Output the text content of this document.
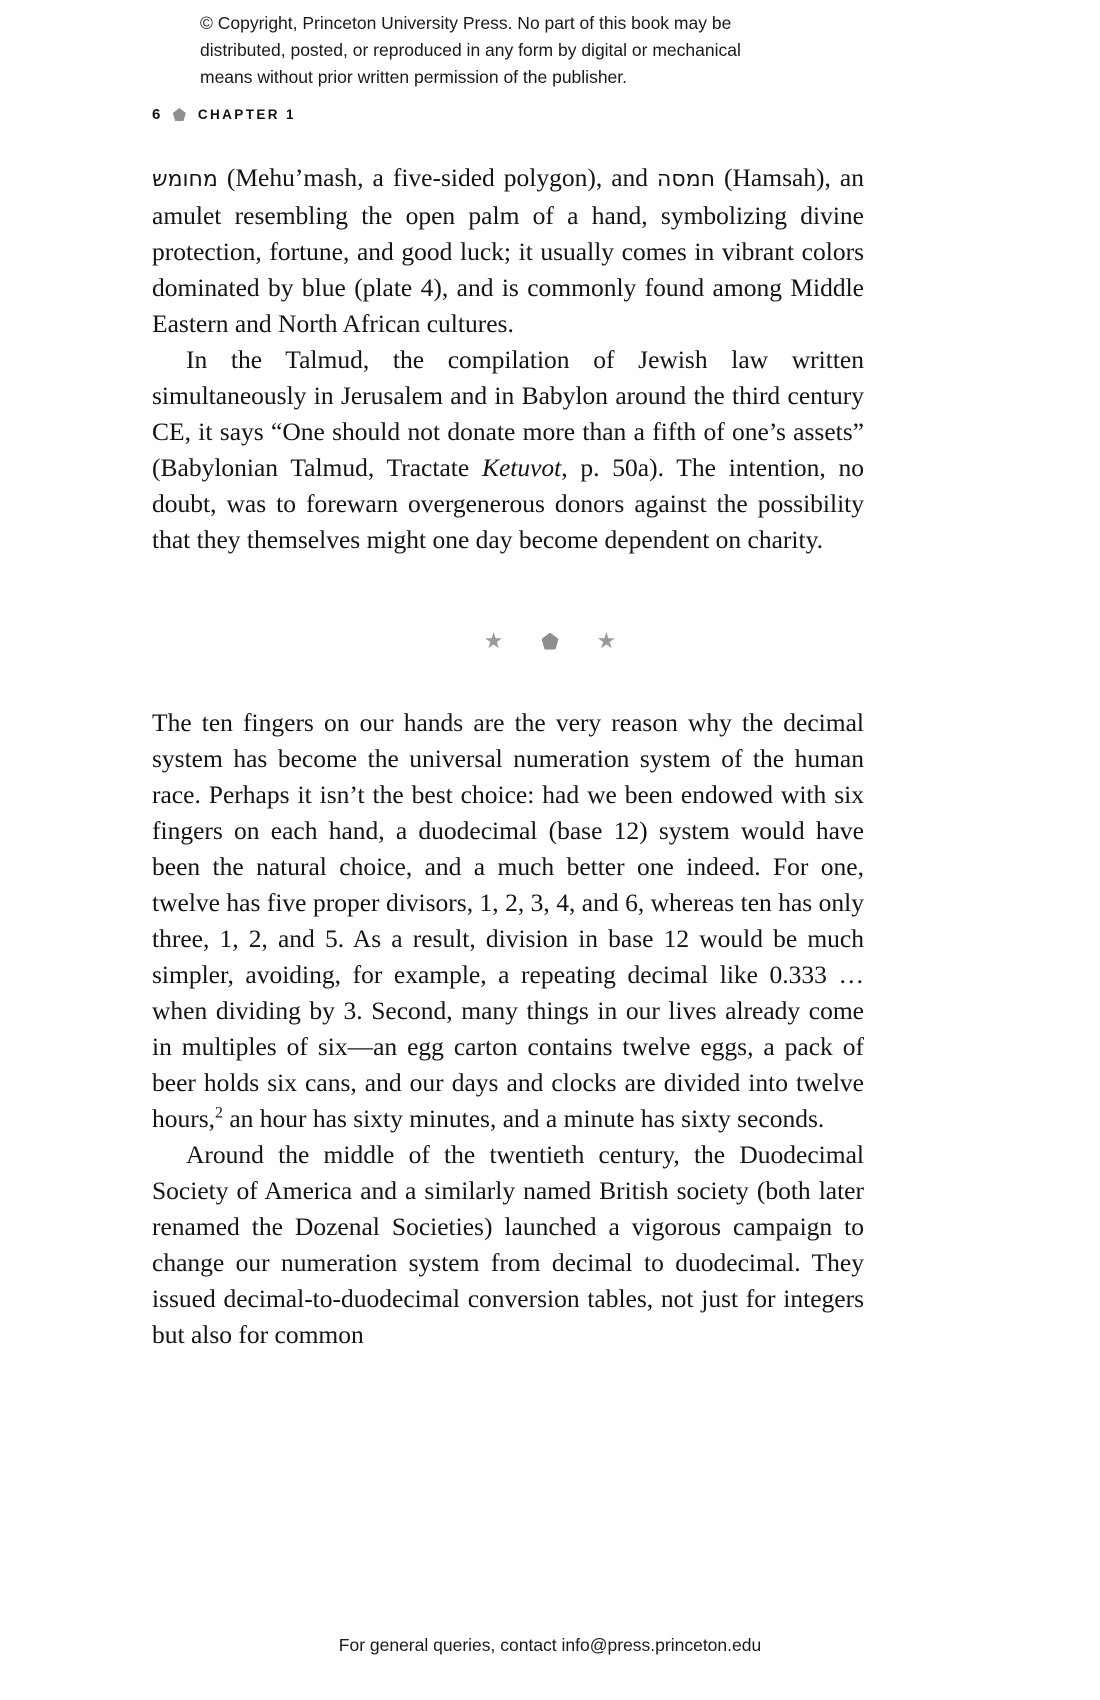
© Copyright, Princeton University Press. No part of this book may be
distributed, posted, or reproduced in any form by digital or mechanical
means without prior written permission of the publisher.
6	CHAPTER 1

מחומש (Mehu’mash, a five-sided polygon), and חמסה (Hamsah), an amulet resembling the open palm of a hand, symbolizing divine protection, fortune, and good luck; it usually comes in vibrant colors dominated by blue (plate 4), and is commonly found among Middle Eastern and North African cultures.

In the Talmud, the compilation of Jewish law written simultaneously in Jerusalem and in Babylon around the third century CE, it says “One should not donate more than a fifth of one’s assets” (Babylonian Talmud, Tractate Ketuvot, p. 50a). The intention, no doubt, was to forewarn overgenerous donors against the possibility that they themselves might one day become dependent on charity.

★	★

The ten fingers on our hands are the very reason why the decimal system has become the universal numeration system of the human race. Perhaps it isn’t the best choice: had we been endowed with six fingers on each hand, a duodecimal (base 12) system would have been the natural choice, and a much better one indeed. For one, twelve has five proper divisors, 1, 2, 3, 4, and 6, whereas ten has only three, 1, 2, and 5. As a result, division in base 12 would be much simpler, avoiding, for example, a repeating decimal like 0.333 … when dividing by 3. Second, many things in our lives already come in multiples of six—an egg carton contains twelve eggs, a pack of beer holds six cans, and our days and clocks are divided into twelve hours,$^2$ an hour has sixty minutes, and a minute has sixty seconds.

Around the middle of the twentieth century, the Duodecimal Society of America and a similarly named British society (both later renamed the Dozenal Societies) launched a vigorous campaign to change our numeration system from decimal to duodecimal. They issued decimal-to-duodecimal conversion tables, not just for integers but also for common

For general queries, contact info@press.princeton.edu
